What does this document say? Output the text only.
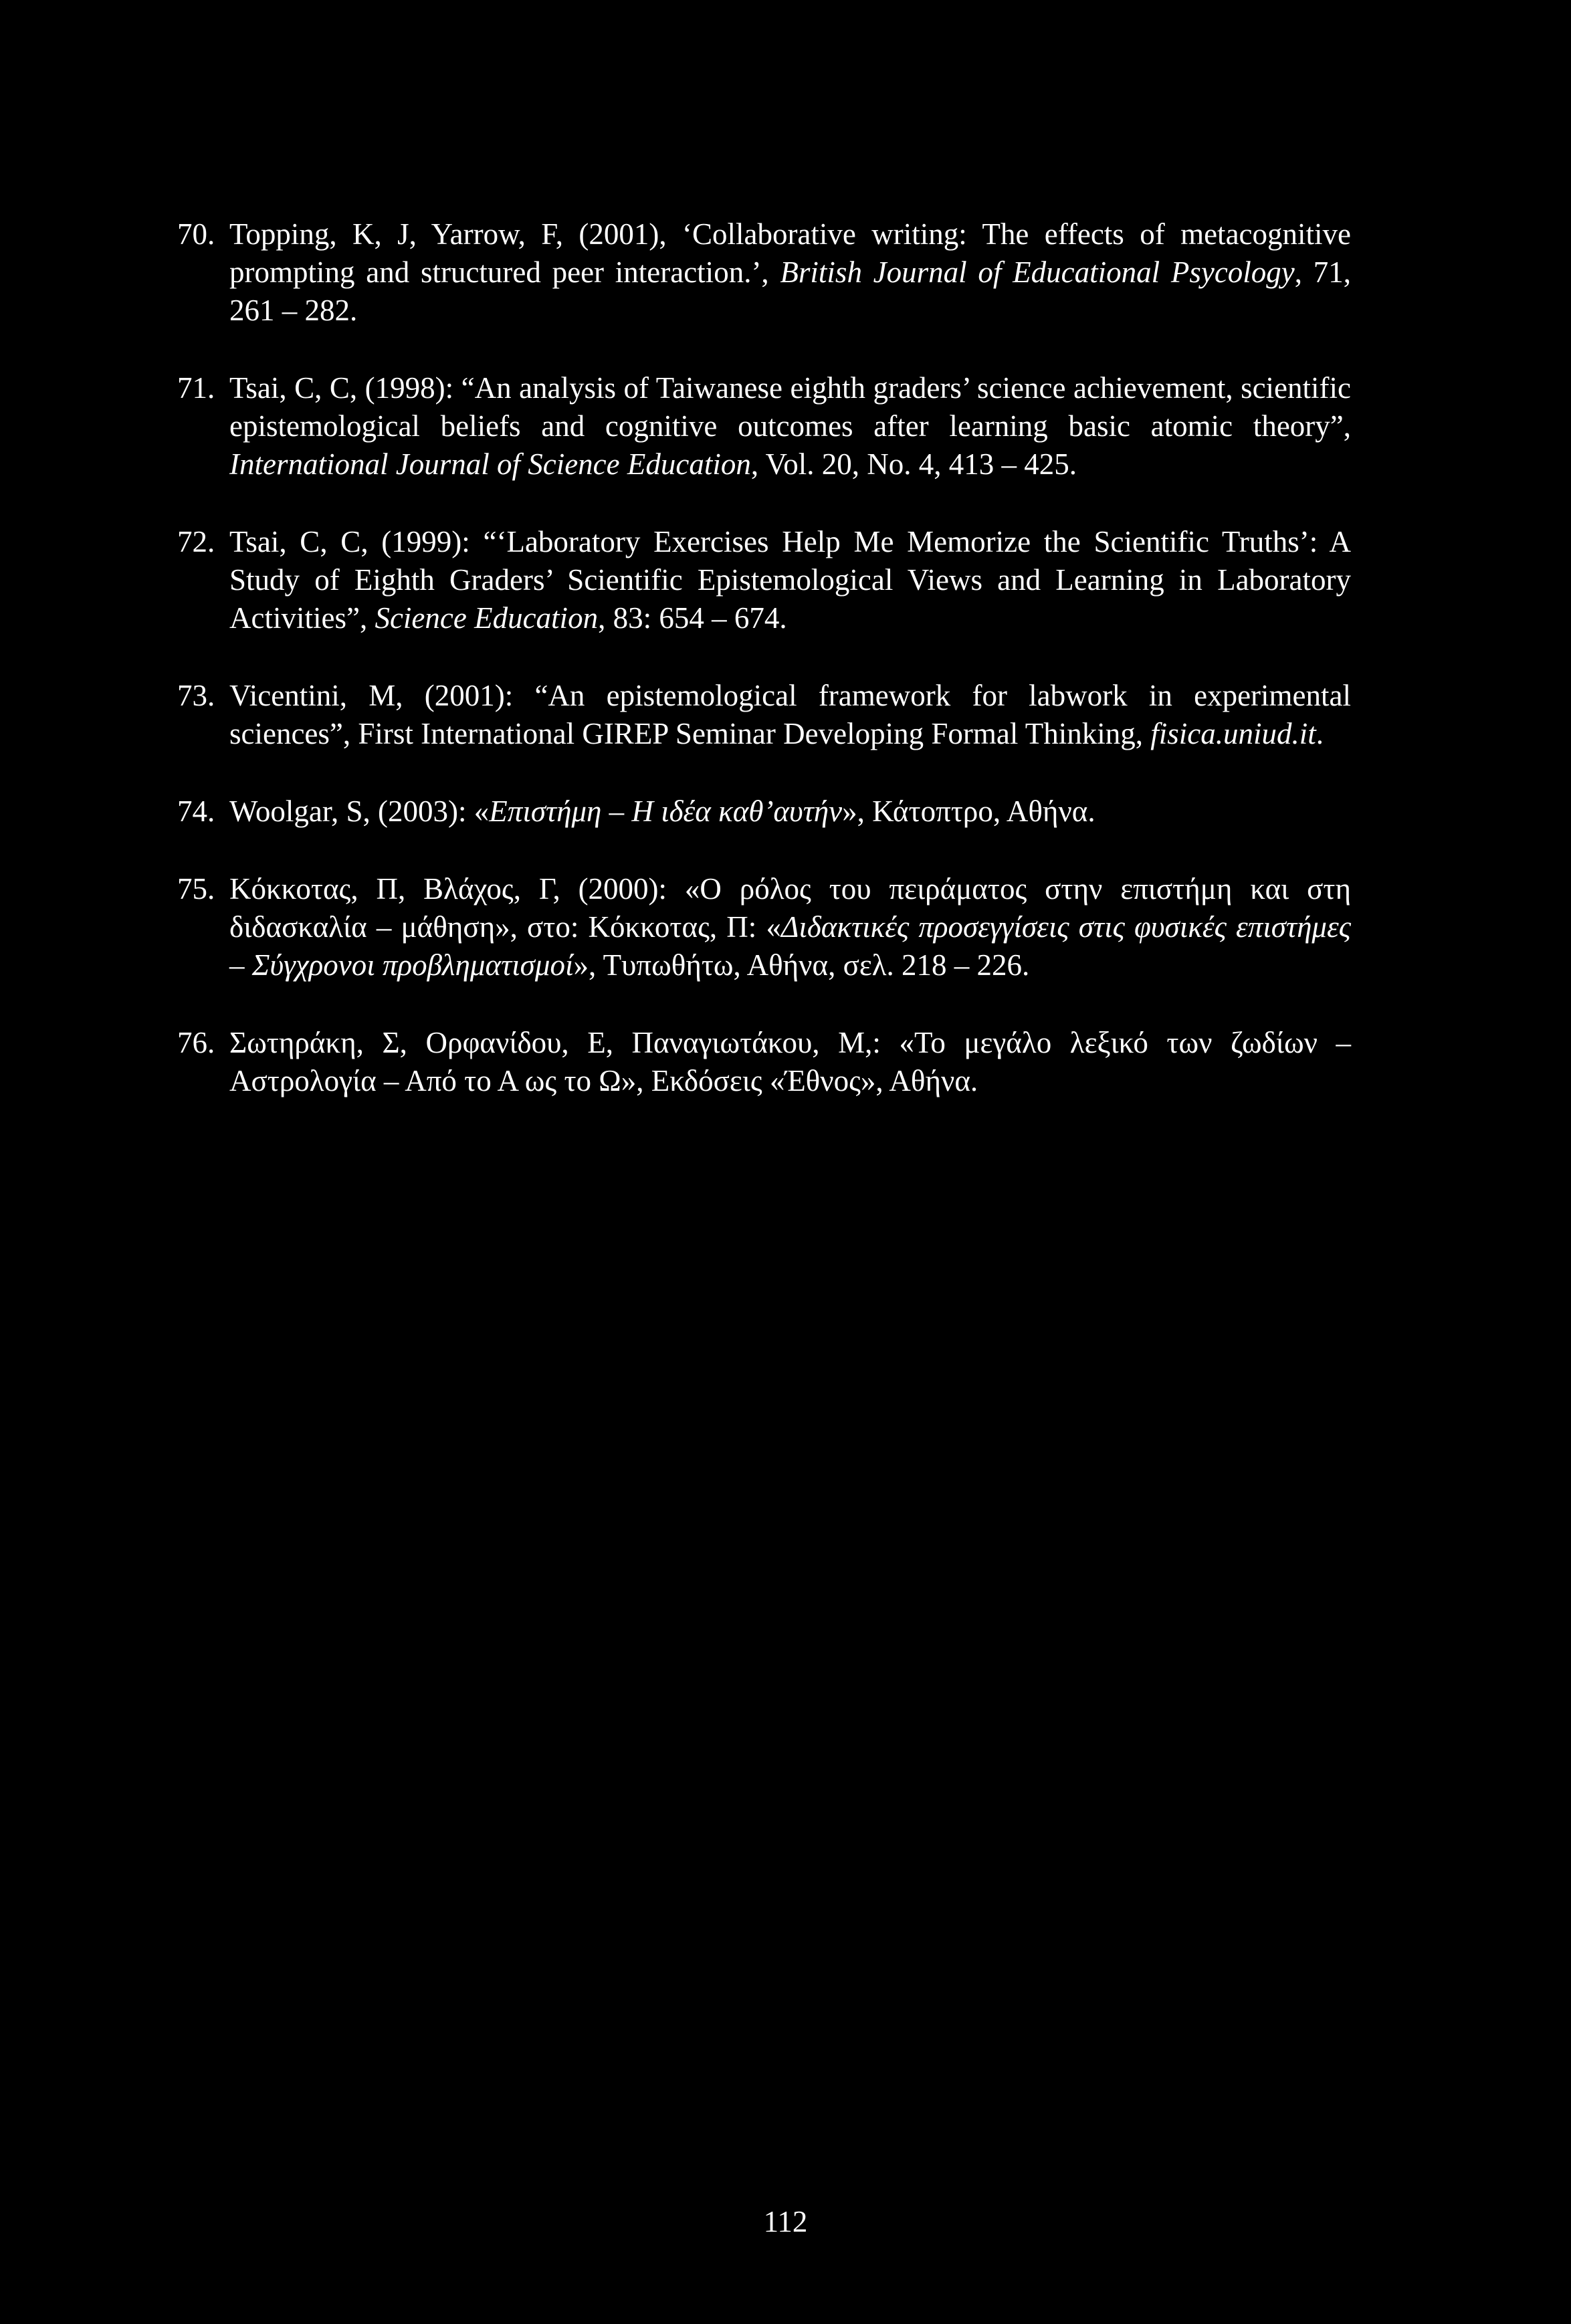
70. Topping, K, J, Yarrow, F, (2001), ‘Collaborative writing: The effects of metacognitive prompting and structured peer interaction.’, British Journal of Educational Psycology, 71, 261 – 282.
71. Tsai, C, C, (1998): “An analysis of Taiwanese eighth graders’ science achievement, scientific epistemological beliefs and cognitive outcomes after learning basic atomic theory”, International Journal of Science Education, Vol. 20, No. 4, 413 – 425.
72. Tsai, C, C, (1999): “‘Laboratory Exercises Help Me Memorize the Scientific Truths’: A Study of Eighth Graders’ Scientific Epistemological Views and Learning in Laboratory Activities”, Science Education, 83: 654 – 674.
73. Vicentini, M, (2001): “An epistemological framework for labwork in experimental sciences”, First International GIREP Seminar Developing Formal Thinking, fisica.uniud.it.
74. Woolgar, S, (2003): «Επιστήμη – Η ιδέα καθ’αυτήν», Κάτοπτρο, Αθήνα.
75. Κόκκοτας, Π, Βλάχος, Γ, (2000): «Ο ρόλος του πειράματος στην επιστήμη και στη διδασκαλία – μάθηση», στο: Κόκκοτας, Π: «Διδακτικές προσεγγίσεις στις φυσικές επιστήμες – Σύγχρονοι προβληματισμοί», Τυπωθήτω, Αθήνα, σελ. 218 – 226.
76. Σωτηράκη, Σ, Ορφανίδου, Ε, Παναγιωτάκου, Μ,: «Το μεγάλο λεξικό των ζωδίων – Αστρολογία – Από το Α ως το Ω», Εκδόσεις «Έθνος», Αθήνα.
112
